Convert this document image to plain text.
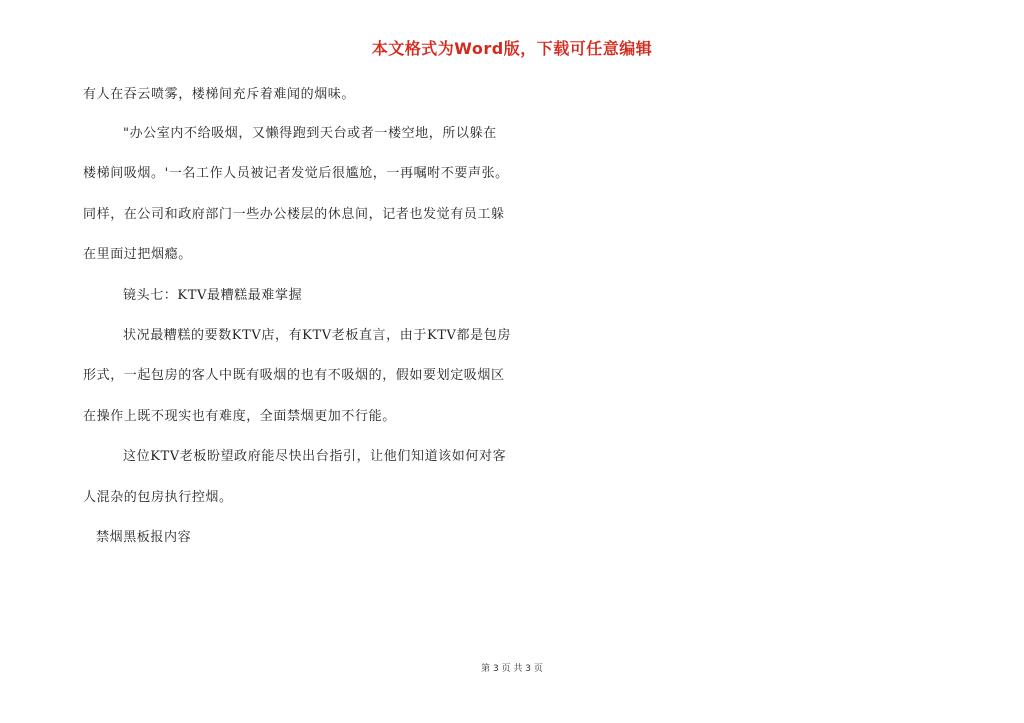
本文格式为Word版，下载可任意编辑
有人在吞云喷雾，楼梯间充斥着难闻的烟味。
"办公室内不给吸烟，又懒得跑到天台或者一楼空地，所以躲在
楼梯间吸烟。'一名工作人员被记者发觉后很尴尬，一再嘱咐不要声张。
同样，在公司和政府部门一些办公楼层的休息间，记者也发觉有员工躲
在里面过把烟瘾。
镜头七：KTV最糟糕最难掌握
状况最糟糕的要数KTV店，有KTV老板直言，由于KTV都是包房
形式，一起包房的客人中既有吸烟的也有不吸烟的，假如要划定吸烟区
在操作上既不现实也有难度，全面禁烟更加不行能。
这位KTV老板盼望政府能尽快出台指引，让他们知道该如何对客
人混杂的包房执行控烟。
禁烟黑板报内容
第 3 页 共 3 页
